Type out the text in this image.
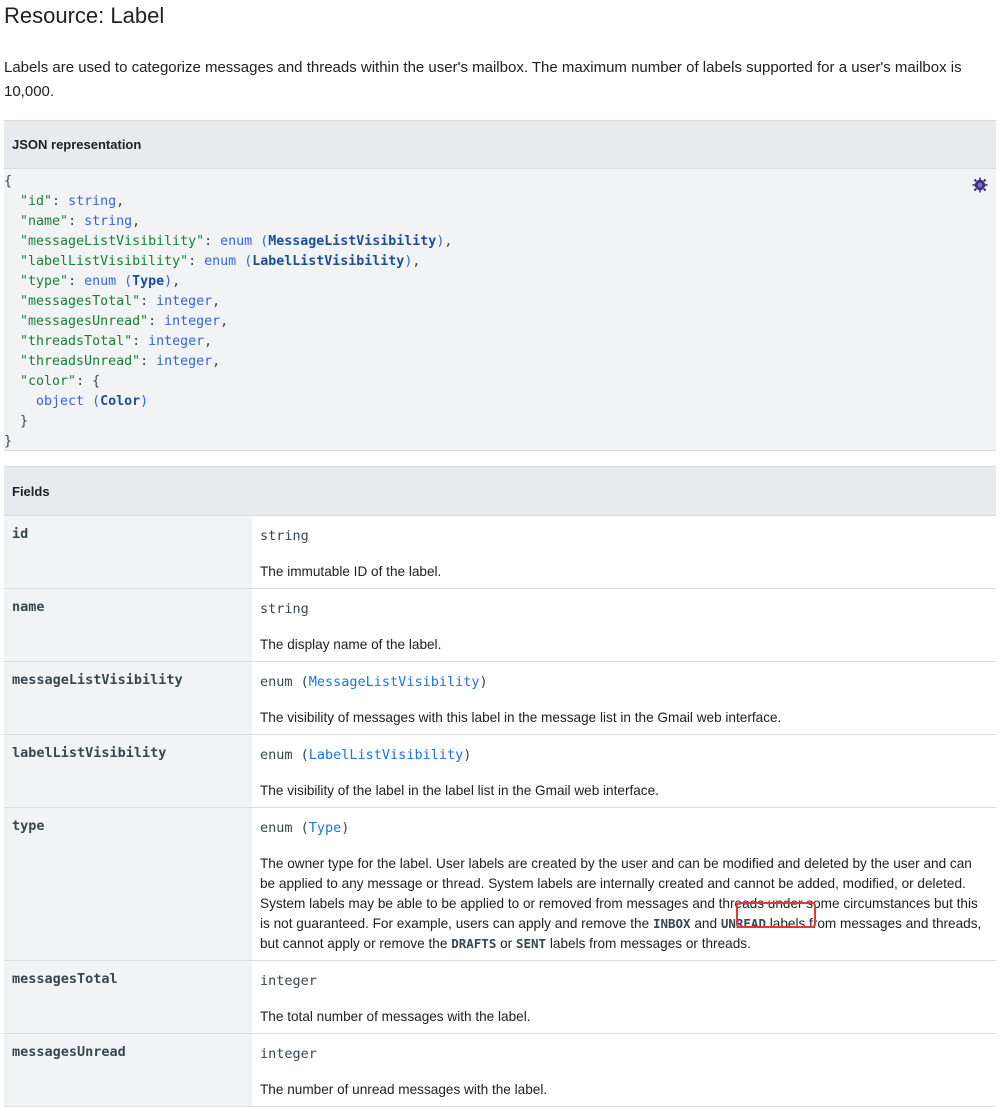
Resource: Label

Labels are used to categorize messages and threads within the user's mailbox. The maximum number of labels supported for a user's mailbox is 10,000.

JSON representation
{
"id": string,
"name": string,
"messageListVisibility": enum (MessageListVisibility),
"labelListVisibility": enum (LabelListVisibility),
"type": enum (Type),
"messagesTotal": integer,
"messagesUnread": integer,
"threadsTotal": integer,
"threadsUnread": integer,
"color": {
object (Color)
}
}
Fields
id	string
The immutable ID of the label.
name	string
The display name of the label.
messageListVisibility	enum (MessageListVisibility)
The visibility of messages with this label in the message list in the Gmail web interface.
labelListVisibility	enum (LabelListVisibility)
The visibility of the label in the label list in the Gmail web interface.
type	enum (Type)
The owner type for the label. User labels are created by the user and can be modified and deleted by the user and can be applied to any message or thread. System labels are internally created and cannot be added, modified, or deleted. System labels may be able to be applied to or removed from messages and threads under some circumstances but this is not guaranteed. For example, users can apply and remove the INBOX and UNREAD labels from messages and threads, but cannot apply or remove the DRAFTS or SENT labels from messages or threads.
messagesTotal	integer
The total number of messages with the label.
messagesUnread	integer
The number of unread messages with the label.
